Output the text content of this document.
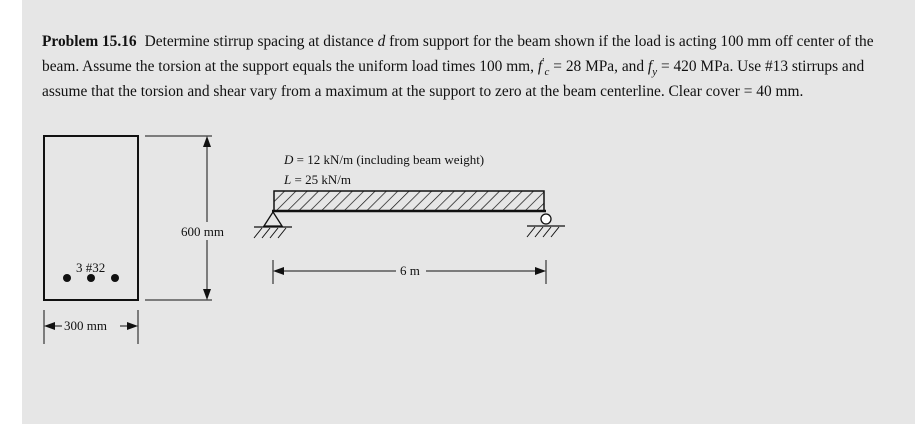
Problem 15.16 Determine stirrup spacing at distance d from support for the beam shown if the load is acting 100 mm off center of the beam. Assume the torsion at the support equals the uniform load times 100 mm, $f'_c = 28$ MPa, and $f_y = 420$ MPa. Use #13 stirrups and assume that the torsion and shear vary from a maximum at the support to zero at the beam centerline. Clear cover = 40 mm.
3 #32
600 mm
300 mm
D = 12 kN/m (including beam weight)
L = 25 kN/m
6 m
